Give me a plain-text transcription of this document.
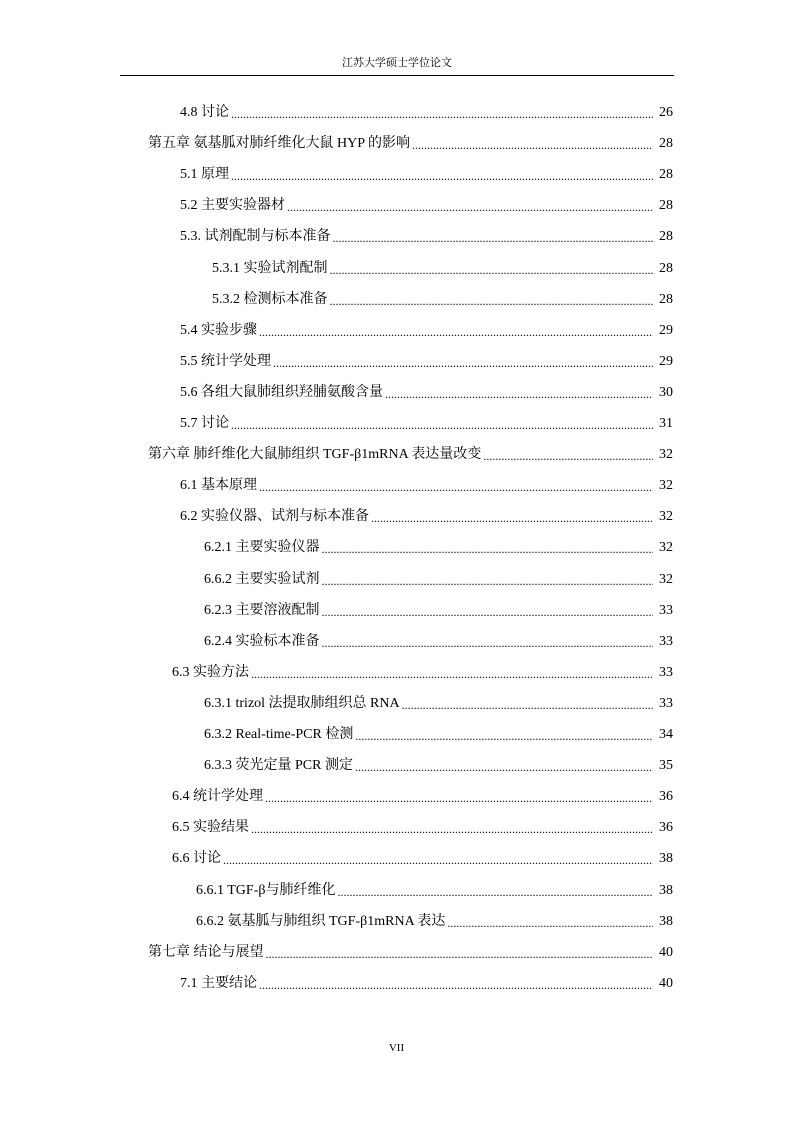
江苏大学硕士学位论文
4.8 讨论 .....	26
第五章 氨基胍对肺纤维化大鼠 HYP 的影响 .....	28
5.1 原理 .....	28
5.2 主要实验器材 .....	28
5.3. 试剂配制与标本准备 .....	28
5.3.1 实验试剂配制 .....	28
5.3.2 检测标本准备 .....	28
5.4 实验步骤 .....	29
5.5 统计学处理 .....	29
5.6 各组大鼠肺组织羟脯氨酸含量 .....	30
5.7 讨论 .....	31
第六章 肺纤维化大鼠肺组织 TGF-β1mRNA 表达量改变 .....	32
6.1 基本原理 .....	32
6.2 实验仪器、试剂与标本准备 .....	32
6.2.1 主要实验仪器 .....	32
6.6.2 主要实验试剂 .....	32
6.2.3 主要溶液配制 .....	33
6.2.4 实验标本准备 .....	33
6.3 实验方法 .....	33
6.3.1 trizol 法提取肺组织总 RNA .....	33
6.3.2 Real-time-PCR 检测 .....	34
6.3.3 荧光定量 PCR 测定 .....	35
6.4 统计学处理 .....	36
6.5 实验结果 .....	36
6.6 讨论 .....	38
6.6.1 TGF-β与肺纤维化 .....	38
6.6.2 氨基胍与肺组织 TGF-β1mRNA 表达 .....	38
第七章 结论与展望 .....	40
7.1 主要结论 .....	40
VII
